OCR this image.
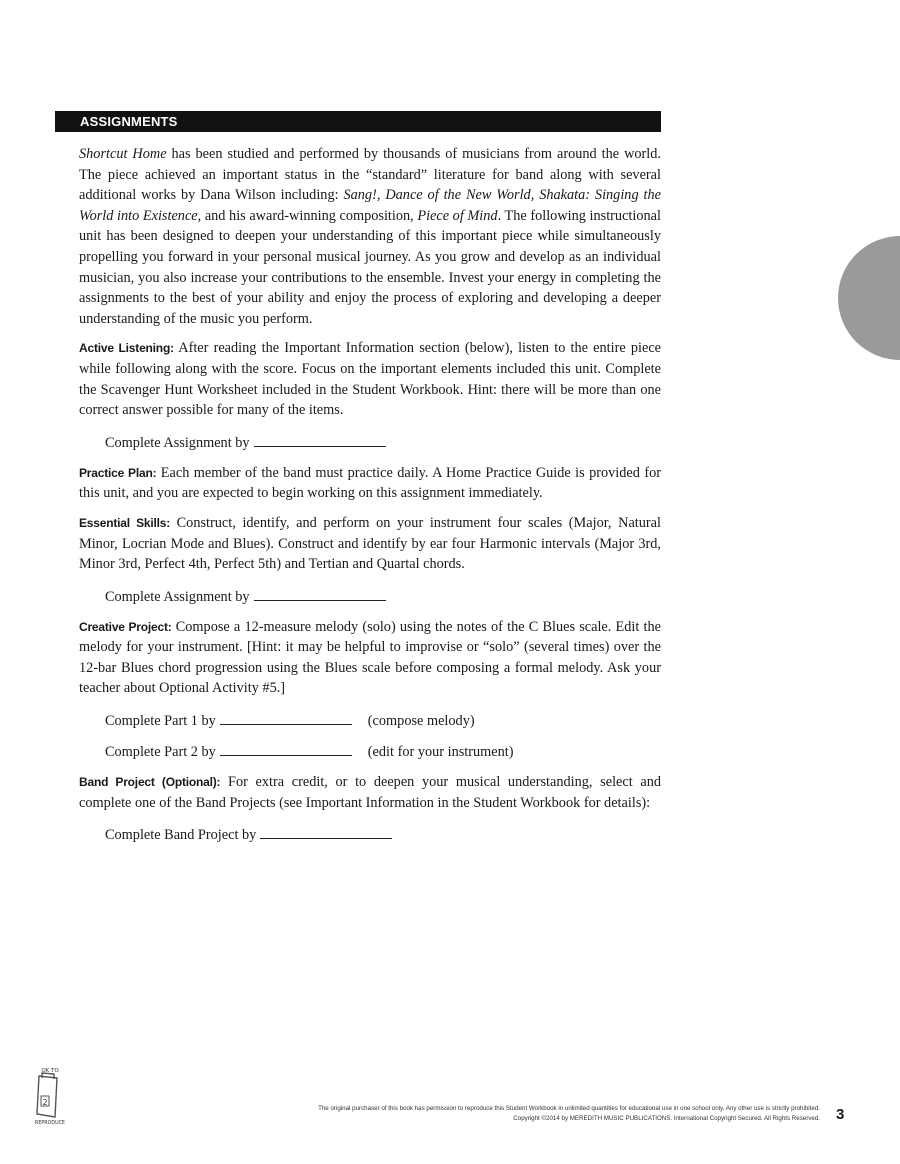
ASSIGNMENTS
Shortcut Home has been studied and performed by thousands of musicians from around the world. The piece achieved an important status in the “standard” literature for band along with several additional works by Dana Wilson including: Sang!, Dance of the New World, Shakata: Singing the World into Existence, and his award-winning composition, Piece of Mind. The following instructional unit has been designed to deepen your understanding of this important piece while simultaneously propelling you forward in your personal musical journey. As you grow and develop as an individual musician, you also increase your contributions to the ensemble. Invest your energy in completing the assignments to the best of your ability and enjoy the process of exploring and developing a deeper understanding of the music you perform.
Active Listening: After reading the Important Information section (below), listen to the entire piece while following along with the score. Focus on the important elements included this unit. Complete the Scavenger Hunt Worksheet included in the Student Workbook. Hint: there will be more than one correct answer possible for many of the items.
Complete Assignment by
Practice Plan: Each member of the band must practice daily. A Home Practice Guide is provided for this unit, and you are expected to begin working on this assignment immediately.
Essential Skills: Construct, identify, and perform on your instrument four scales (Major, Natural Minor, Locrian Mode and Blues). Construct and identify by ear four Harmonic intervals (Major 3rd, Minor 3rd, Perfect 4th, Perfect 5th) and Tertian and Quartal chords.
Complete Assignment by
Creative Project: Compose a 12-measure melody (solo) using the notes of the C Blues scale. Edit the melody for your instrument. [Hint: it may be helpful to improvise or “solo” (several times) over the 12-bar Blues chord progression using the Blues scale before composing a formal melody. Ask your teacher about Optional Activity #5.]
Complete Part 1 by	(compose melody)
Complete Part 2 by	(edit for your instrument)
Band Project (Optional): For extra credit, or to deepen your musical understanding, select and complete one of the Band Projects (see Important Information in the Student Workbook for details):
Complete Band Project by
2
OK TO
REPRODUCE
The original purchaser of this book has permission to reproduce this Student Workbook in unlimited quantities for educational use in one school only. Any other use is strictly prohibited.
Copyright ©2014 by MEREDITH MUSIC PUBLICATIONS. International Copyright Secured. All Rights Reserved. 3
